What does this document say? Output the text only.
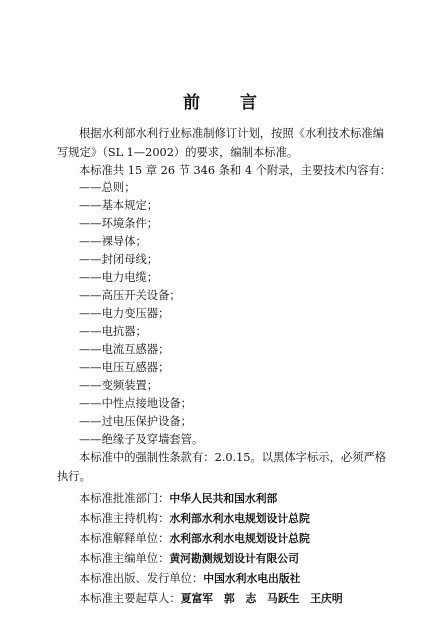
前 言
根据水利部水利行业标准制修订计划，按照《水利技术标准编写规定》（SL 1—2002）的要求，编制本标准。
本标准共 15 章 26 节 346 条和 4 个附录，主要技术内容有：
——总则；
——基本规定；
——环境条件；
——裸导体；
——封闭母线；
——电力电缆；
——高压开关设备；
——电力变压器；
——电抗器；
——电流互感器；
——电压互感器；
——变频装置；
——中性点接地设备；
——过电压保护设备；
——绝缘子及穿墙套管。
本标准中的强制性条款有：2.0.15。以黑体字标示，必须严格执行。
本标准批准部门：中华人民共和国水利部
本标准主持机构：水利部水利水电规划设计总院
本标准解释单位：水利部水利水电规划设计总院
本标准主编单位：黄河勘测规划设计有限公司
本标准出版、发行单位：中国水利水电出版社
本标准主要起草人：夏富军　郭　志　马跃生　王庆明
